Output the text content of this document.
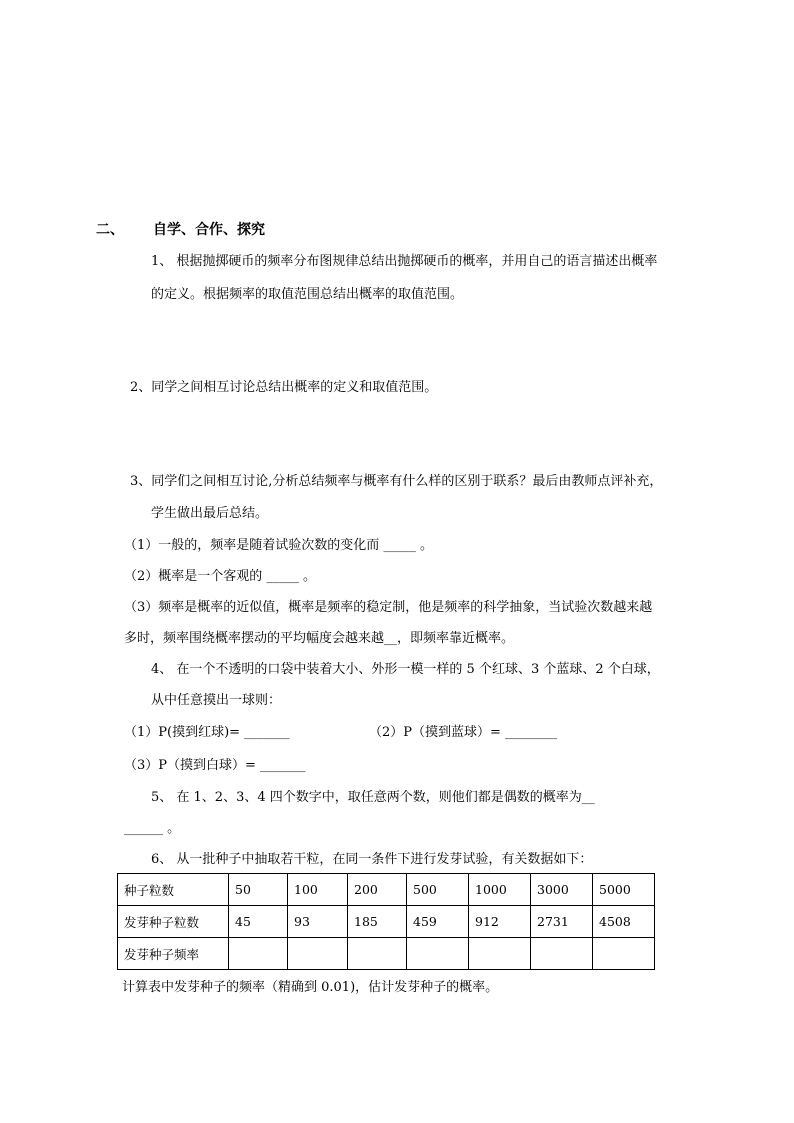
二、 自学、合作、探究
1、 根据抛掷硬币的频率分布图规律总结出抛掷硬币的概率，并用自己的语言描述出概率
的定义。根据频率的取值范围总结出概率的取值范围。
2、同学之间相互讨论总结出概率的定义和取值范围。
3、同学们之间相互讨论,分析总结频率与概率有什么样的区别于联系？最后由教师点评补充，
学生做出最后总结。
（1）一般的，频率是随着试验次数的变化而 _____ 。
（2）概率是一个客观的 _____ 。
（3）频率是概率的近似值，概率是频率的稳定制，他是频率的科学抽象，当试验次数越来越
多时，频率围绕概率摆动的平均幅度会越来越__，即频率靠近概率。
4、 在一个不透明的口袋中装着大小、外形一模一样的 5 个红球、3 个蓝球、2 个白球，
从中任意摸出一球则：
（1）P(摸到红球)= _______	（2）P（摸到蓝球）= ________
（3）P（摸到白球）= _______
5、 在 1、2、3、4 四个数字中，取任意两个数，则他们都是偶数的概率为__
______ 。
6、 从一批种子中抽取若干粒，在同一条件下进行发芽试验，有关数据如下：
种子粒数	50	100	200	500	1000	3000	5000
发芽种子粒数	45	93	185	459	912	2731	4508
发芽种子频率							
计算表中发芽种子的频率（精确到 0.01)，估计发芽种子的概率。
